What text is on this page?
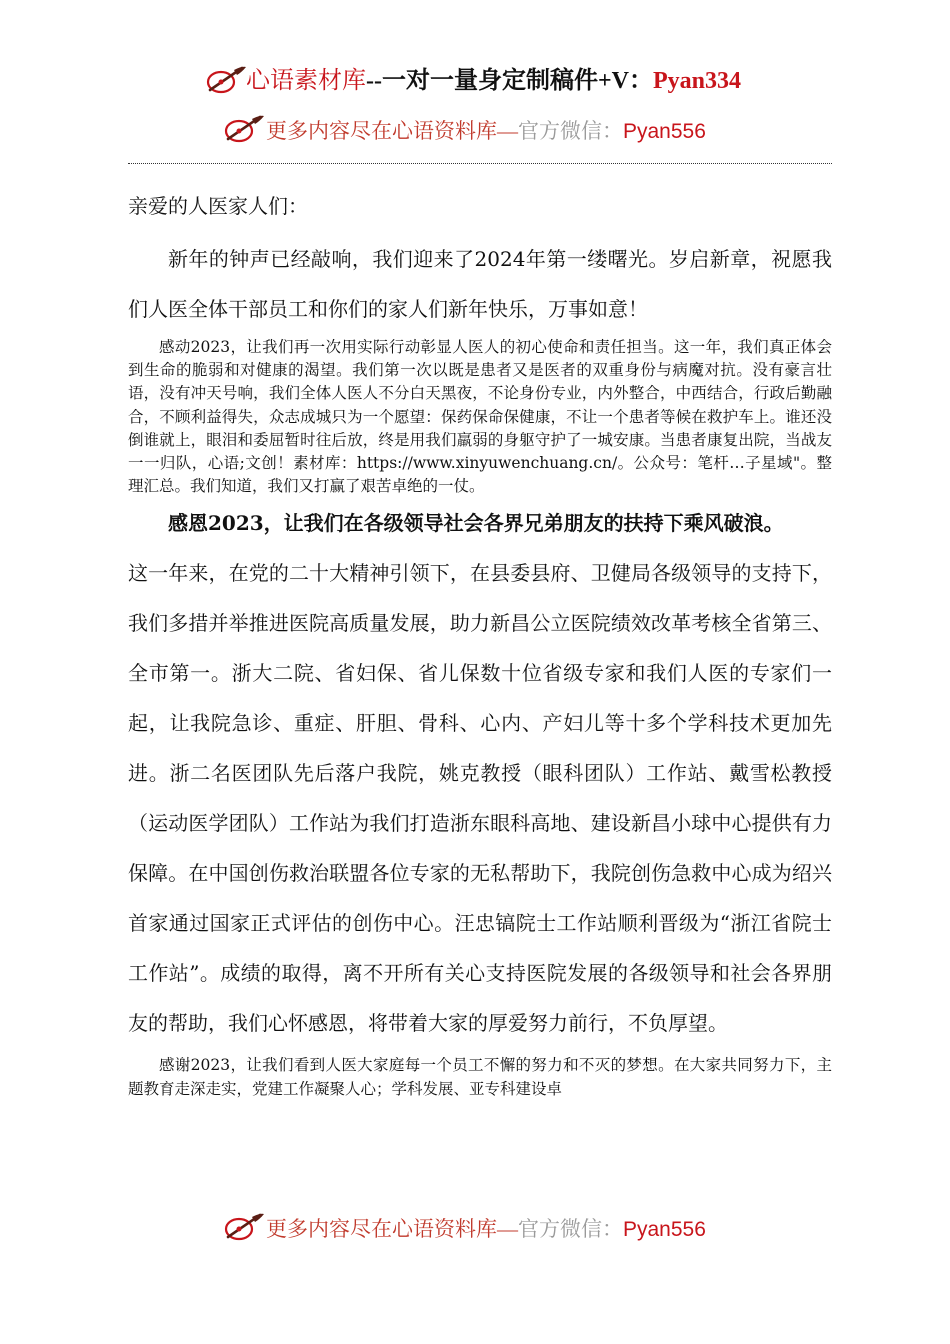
心语素材库--一对一量身定制稿件+V：Pyan334
更多内容尽在心语资料库—官方微信：Pyan556

亲爱的人医家人们：

新年的钟声已经敲响，我们迎来了2024年第一缕曙光。岁启新章，祝愿我们人医全体干部员工和你们的家人们新年快乐，万事如意！

感动2023，让我们再一次用实际行动彰显人医人的初心使命和责任担当。这一年，我们真正体会到生命的脆弱和对健康的渴望。我们第一次以既是患者又是医者的双重身份与病魔对抗。没有豪言壮语，没有冲天号响，我们全体人医人不分白天黑夜，不论身份专业，内外整合，中西结合，行政后勤融合，不顾利益得失，众志成城只为一个愿望：保药保命保健康，不让一个患者等候在救护车上。谁还没倒谁就上，眼泪和委屈暂时往后放，终是用我们羸弱的身躯守护了一城安康。当患者康复出院，当战友一一归队，心语;文创！素材库：https://www.xinyuwenchuang.cn/。公众号：笔杆…子星域"。整理汇总。我们知道，我们又打赢了艰苦卓绝的一仗。

感恩2023，让我们在各级领导社会各界兄弟朋友的扶持下乘风破浪。

这一年来，在党的二十大精神引领下，在县委县府、卫健局各级领导的支持下，我们多措并举推进医院高质量发展，助力新昌公立医院绩效改革考核全省第三、全市第一。浙大二院、省妇保、省儿保数十位省级专家和我们人医的专家们一起，让我院急诊、重症、肝胆、骨科、心内、产妇儿等十多个学科技术更加先进。浙二名医团队先后落户我院，姚克教授（眼科团队）工作站、戴雪松教授（运动医学团队）工作站为我们打造浙东眼科高地、建设新昌小球中心提供有力保障。在中国创伤救治联盟各位专家的无私帮助下，我院创伤急救中心成为绍兴首家通过国家正式评估的创伤中心。汪忠镐院士工作站顺利晋级为“浙江省院士工作站”。成绩的取得，离不开所有关心支持医院发展的各级领导和社会各界朋友的帮助，我们心怀感恩，将带着大家的厚爱努力前行，不负厚望。

感谢2023，让我们看到人医大家庭每一个员工不懈的努力和不灭的梦想。在大家共同努力下，主题教育走深走实，党建工作凝聚人心；学科发展、亚专科建设卓

更多内容尽在心语资料库—官方微信：Pyan556
